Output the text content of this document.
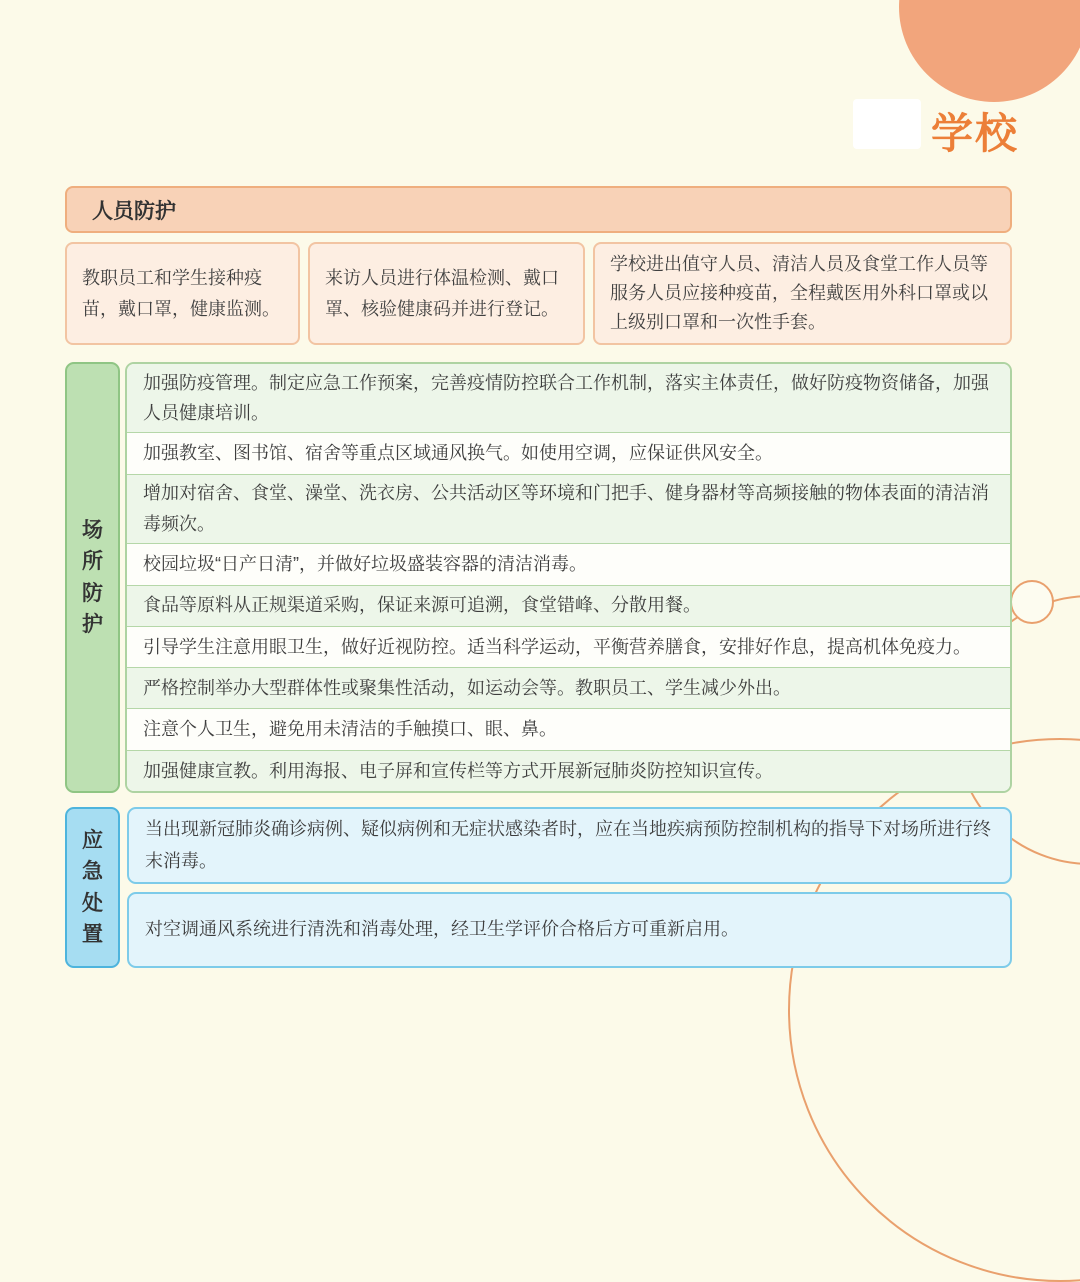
学校
人员防护
教职员工和学生接种疫苗，戴口罩，健康监测。
来访人员进行体温检测、戴口罩、核验健康码并进行登记。
学校进出值守人员、清洁人员及食堂工作人员等服务人员应接种疫苗，全程戴医用外科口罩或以上级别口罩和一次性手套。
场所防护
加强防疫管理。制定应急工作预案，完善疫情防控联合工作机制，落实主体责任，做好防疫物资储备，加强人员健康培训。
加强教室、图书馆、宿舍等重点区域通风换气。如使用空调，应保证供风安全。
增加对宿舍、食堂、澡堂、洗衣房、公共活动区等环境和门把手、健身器材等高频接触的物体表面的清洁消毒频次。
校园垃圾“日产日清”，并做好垃圾盛装容器的清洁消毒。
食品等原料从正规渠道采购，保证来源可追溯，食堂错峰、分散用餐。
引导学生注意用眼卫生，做好近视防控。适当科学运动，平衡营养膳食，安排好作息，提高机体免疫力。
严格控制举办大型群体性或聚集性活动，如运动会等。教职员工、学生减少外出。
注意个人卫生，避免用未清洁的手触摸口、眼、鼻。
加强健康宣教。利用海报、电子屏和宣传栏等方式开展新冠肺炎防控知识宣传。
应急处置
当出现新冠肺炎确诊病例、疑似病例和无症状感染者时，应在当地疾病预防控制机构的指导下对场所进行终末消毒。
对空调通风系统进行清洗和消毒处理，经卫生学评价合格后方可重新启用。
